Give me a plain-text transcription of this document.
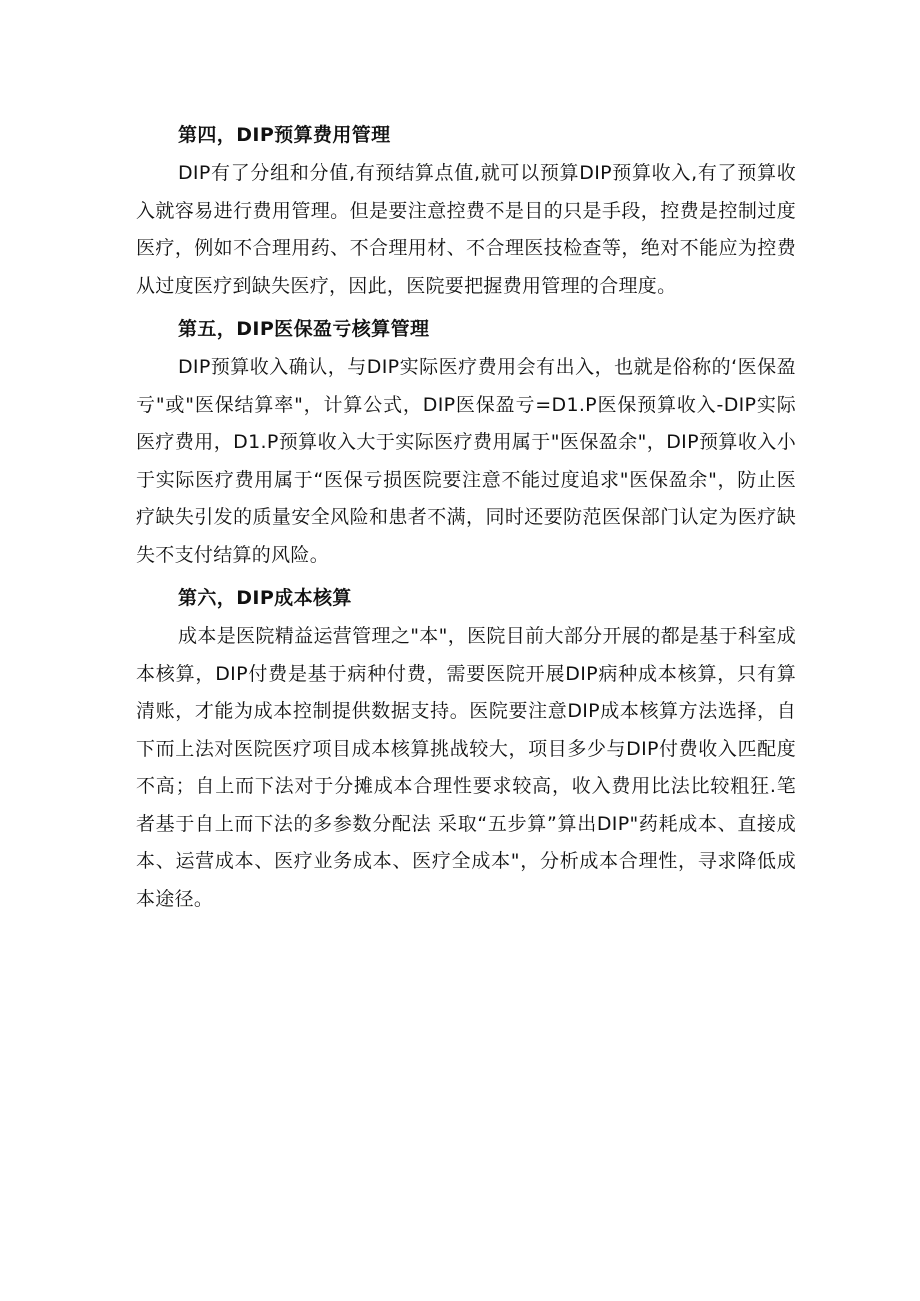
第四，DIP预算费用管理

DIP有了分组和分值,有预结算点值,就可以预算DIP预算收入,有了预算收入就容易进行费用管理。但是要注意控费不是目的只是手段，控费是控制过度医疗，例如不合理用药、不合理用材、不合理医技检查等，绝对不能应为控费从过度医疗到缺失医疗，因此，医院要把握费用管理的合理度。

第五，DIP医保盈亏核算管理

DIP预算收入确认，与DIP实际医疗费用会有出入，也就是俗称的‘医保盈亏"或"医保结算率"，计算公式，DIP医保盈亏=D1.P医保预算收入-DIP实际医疗费用，D1.P预算收入大于实际医疗费用属于"医保盈余"，DIP预算收入小于实际医疗费用属于“医保亏损医院要注意不能过度追求"医保盈余"，防止医疗缺失引发的质量安全风险和患者不满，同时还要防范医保部门认定为医疗缺失不支付结算的风险。

第六，DIP成本核算

成本是医院精益运营管理之"本"，医院目前大部分开展的都是基于科室成本核算，DIP付费是基于病种付费，需要医院开展DIP病种成本核算，只有算清账，才能为成本控制提供数据支持。医院要注意DIP成本核算方法选择，自下而上法对医院医疗项目成本核算挑战较大，项目多少与DIP付费收入匹配度不高；自上而下法对于分摊成本合理性要求较高，收入费用比法比较粗狂.笔者基于自上而下法的多参数分配法 采取“五步算”算出DIP"药耗成本、直接成本、运营成本、医疗业务成本、医疗全成本"，分析成本合理性，寻求降低成本途径。
